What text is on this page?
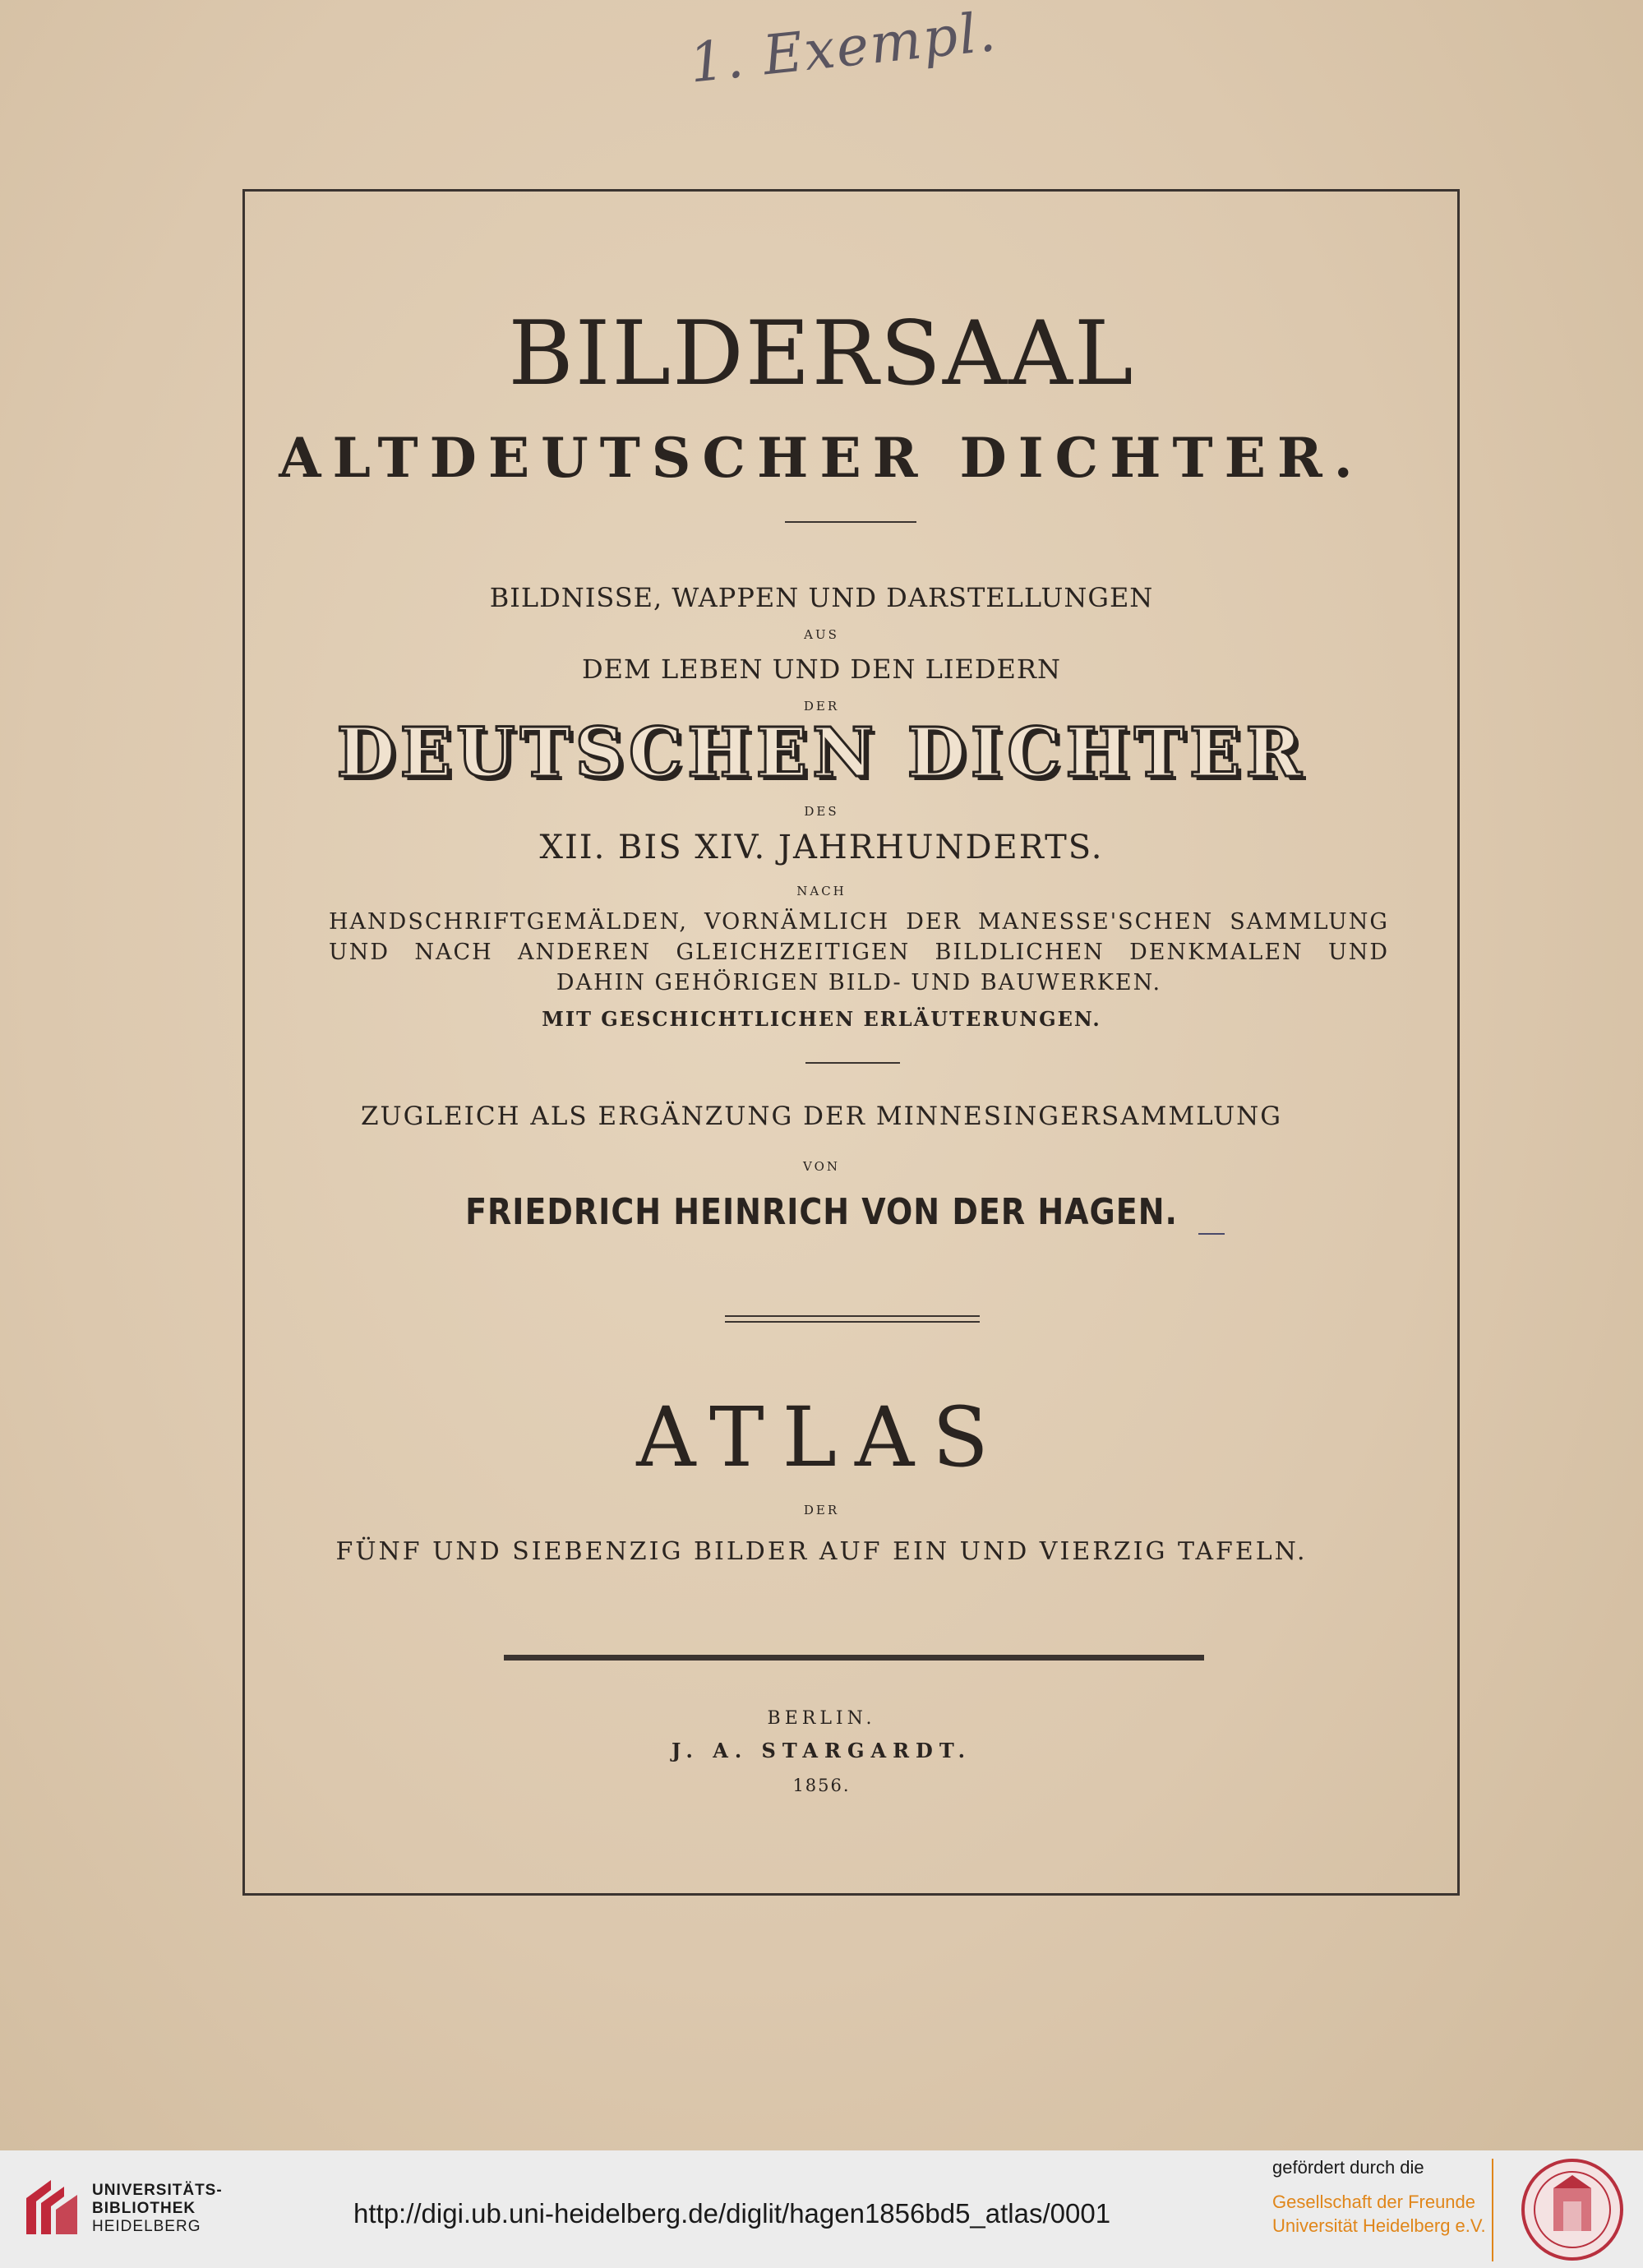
1. Exempl.
BILDERSAAL
ALTDEUTSCHER DICHTER.
BILDNISSE, WAPPEN UND DARSTELLUNGEN
AUS
DEM LEBEN UND DEN LIEDERN
DER
DEUTSCHEN DICHTER
DES
XII. BIS XIV. JAHRHUNDERTS.
NACH
HANDSCHRIFTGEMÄLDEN, VORNÄMLICH DER MANESSE'SCHEN SAMMLUNG UND NACH ANDEREN GLEICHZEITIGEN BILDLICHEN DENKMALEN UND DAHIN GEHÖRIGEN BILD- UND BAUWERKEN.
MIT GESCHICHTLICHEN ERLÄUTERUNGEN.
ZUGLEICH ALS ERGÄNZUNG DER MINNESINGERSAMMLUNG
VON
FRIEDRICH HEINRICH VON DER HAGEN.
ATLAS
DER
FÜNF UND SIEBENZIG BILDER AUF EIN UND VIERZIG TAFELN.
BERLIN.
J. A. STARGARDT.
1856.
UNIVERSITÄTS-
BIBLIOTHEK
HEIDELBERG	http://digi.ub.uni-heidelberg.de/diglit/hagen1856bd5_atlas/0001
gefördert durch die
Gesellschaft der Freunde
Universität Heidelberg e.V.
